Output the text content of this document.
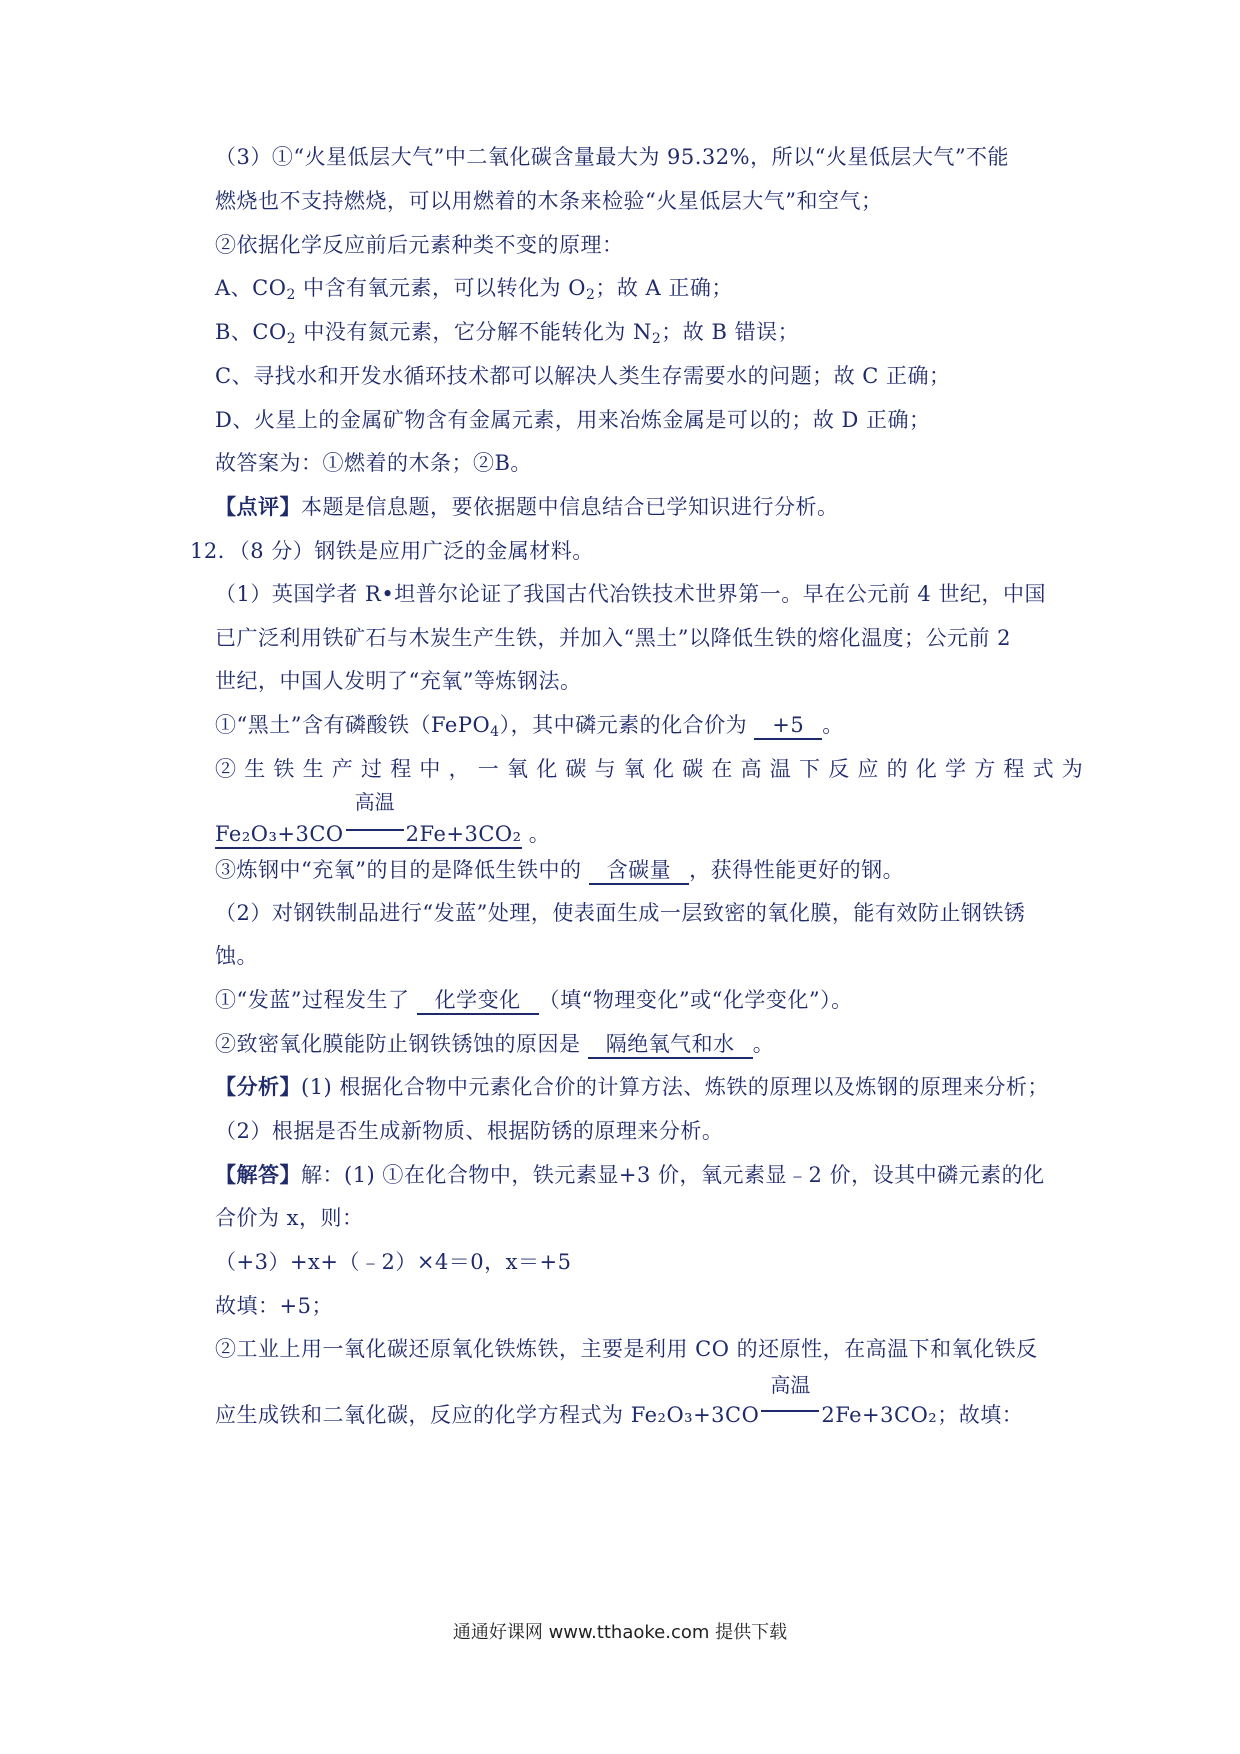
（3）①“火星低层大气”中二氧化碳含量最大为 95.32%，所以“火星低层大气”不能
燃烧也不支持燃烧，可以用燃着的木条来检验“火星低层大气”和空气；
②依据化学反应前后元素种类不变的原理：
A、$CO_2$ 中含有氧元素，可以转化为 $O_2$；故 A 正确；
B、$CO_2$ 中没有氮元素，它分解不能转化为 $N_2$；故 B 错误；
C、寻找水和开发水循环技术都可以解决人类生存需要水的问题；故 C 正确；
D、火星上的金属矿物含有金属元素，用来冶炼金属是可以的；故 D 正确；
故答案为：①燃着的木条；②B。
【点评】本题是信息题，要依据题中信息结合已学知识进行分析。
12．（8 分）钢铁是应用广泛的金属材料。
（1）英国学者 R•坦普尔论证了我国古代冶铁技术世界第一。早在公元前 4 世纪，中国
已广泛利用铁矿石与木炭生产生铁，并加入“黑土”以降低生铁的熔化温度；公元前 2
世纪，中国人发明了“充氧”等炼钢法。
①“黑土”含有磷酸铁（FePO$_4$），其中磷元素的化合价为 +5 。
②生铁生产过程中，一氧化碳与氧化碳在高温下反应的化学方程式为
Fe₂O₃+3CO
高温
2Fe+3CO₂ 。
③炼钢中“充氧”的目的是降低生铁中的 含碳量 ，获得性能更好的钢。
（2）对钢铁制品进行“发蓝”处理，使表面生成一层致密的氧化膜，能有效防止钢铁锈
蚀。
①“发蓝”过程发生了 化学变化 （填“物理变化”或“化学变化”）。
②致密氧化膜能防止钢铁锈蚀的原因是 隔绝氧气和水 。
【分析】(1) 根据化合物中元素化合价的计算方法、炼铁的原理以及炼钢的原理来分析；
（2）根据是否生成新物质、根据防锈的原理来分析。
【解答】解：(1) ①在化合物中，铁元素显+3 价，氧元素显﹣2 价，设其中磷元素的化
合价为 x，则：
（+3）+x+（﹣2）×4＝0，x＝+5
故填：+5；
②工业上用一氧化碳还原氧化铁炼铁，主要是利用 CO 的还原性，在高温下和氧化铁反
应生成铁和二氧化碳，反应的化学方程式为 Fe₂O₃+3CO
高温
2Fe+3CO₂；故填：
通通好课网 www.tthaoke.com 提供下载
